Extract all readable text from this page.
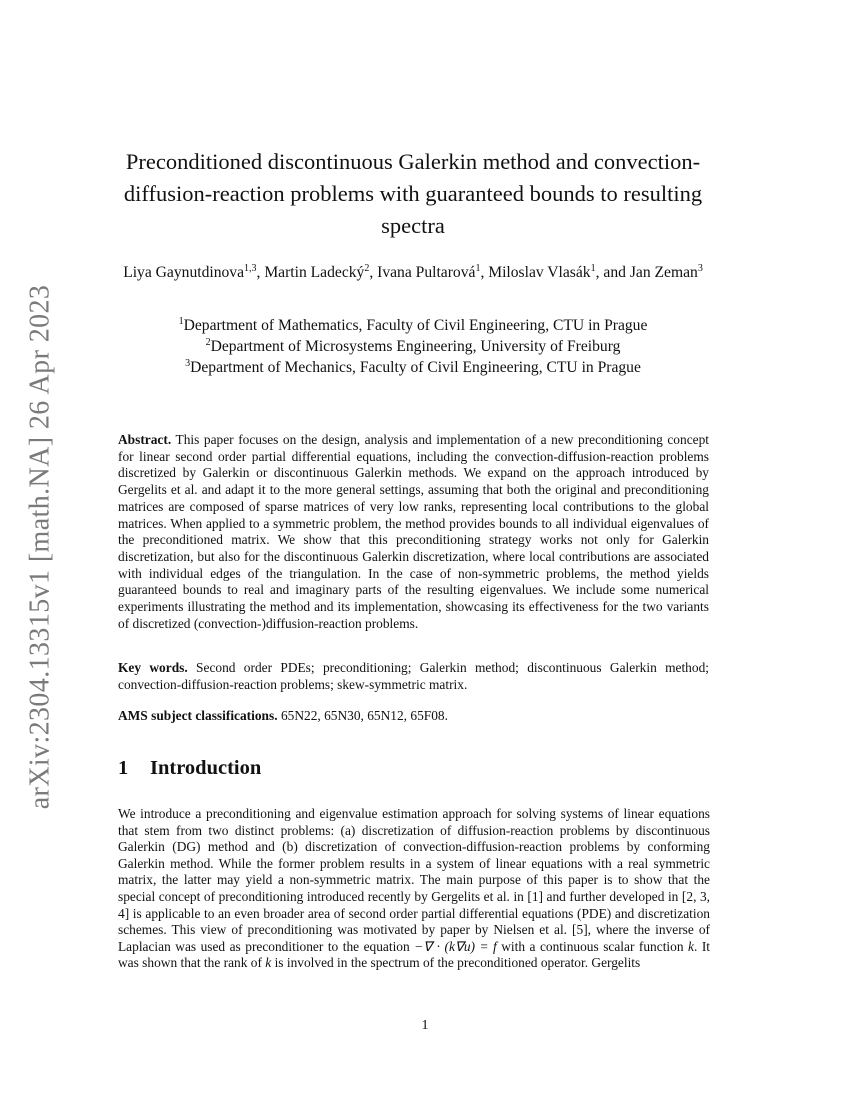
arXiv:2304.13315v1 [math.NA] 26 Apr 2023
Preconditioned discontinuous Galerkin method and convection-diffusion-reaction problems with guaranteed bounds to resulting spectra
Liya Gaynutdinova$^{1,3}$, Martin Ladecký$^2$, Ivana Pultarová$^1$, Miloslav Vlasák$^1$, and Jan Zeman$^3$
$^1$Department of Mathematics, Faculty of Civil Engineering, CTU in Prague
$^2$Department of Microsystems Engineering, University of Freiburg
$^3$Department of Mechanics, Faculty of Civil Engineering, CTU in Prague
Abstract. This paper focuses on the design, analysis and implementation of a new preconditioning concept for linear second order partial differential equations, including the convection-diffusion-reaction problems discretized by Galerkin or discontinuous Galerkin methods. We expand on the approach introduced by Gergelits et al. and adapt it to the more general settings, assuming that both the original and preconditioning matrices are composed of sparse matrices of very low ranks, representing local contributions to the global matrices. When applied to a symmetric problem, the method provides bounds to all individual eigenvalues of the preconditioned matrix. We show that this preconditioning strategy works not only for Galerkin discretization, but also for the discontinuous Galerkin discretization, where local contributions are associated with individual edges of the triangulation. In the case of non-symmetric problems, the method yields guaranteed bounds to real and imaginary parts of the resulting eigenvalues. We include some numerical experiments illustrating the method and its implementation, showcasing its effectiveness for the two variants of discretized (convection-)diffusion-reaction problems.
Key words. Second order PDEs; preconditioning; Galerkin method; discontinuous Galerkin method; convection-diffusion-reaction problems; skew-symmetric matrix.
AMS subject classifications. 65N22, 65N30, 65N12, 65F08.
1 Introduction
We introduce a preconditioning and eigenvalue estimation approach for solving systems of linear equations that stem from two distinct problems: (a) discretization of diffusion-reaction problems by discontinuous Galerkin (DG) method and (b) discretization of convection-diffusion-reaction problems by conforming Galerkin method. While the former problem results in a system of linear equations with a real symmetric matrix, the latter may yield a non-symmetric matrix. The main purpose of this paper is to show that the special concept of preconditioning introduced recently by Gergelits et al. in [1] and further developed in [2, 3, 4] is applicable to an even broader area of second order partial differential equations (PDE) and discretization schemes. This view of preconditioning was motivated by paper by Nielsen et al. [5], where the inverse of Laplacian was used as preconditioner to the equation −∇ · (k∇u) = f with a continuous scalar function k. It was shown that the rank of k is involved in the spectrum of the preconditioned operator. Gergelits
1
